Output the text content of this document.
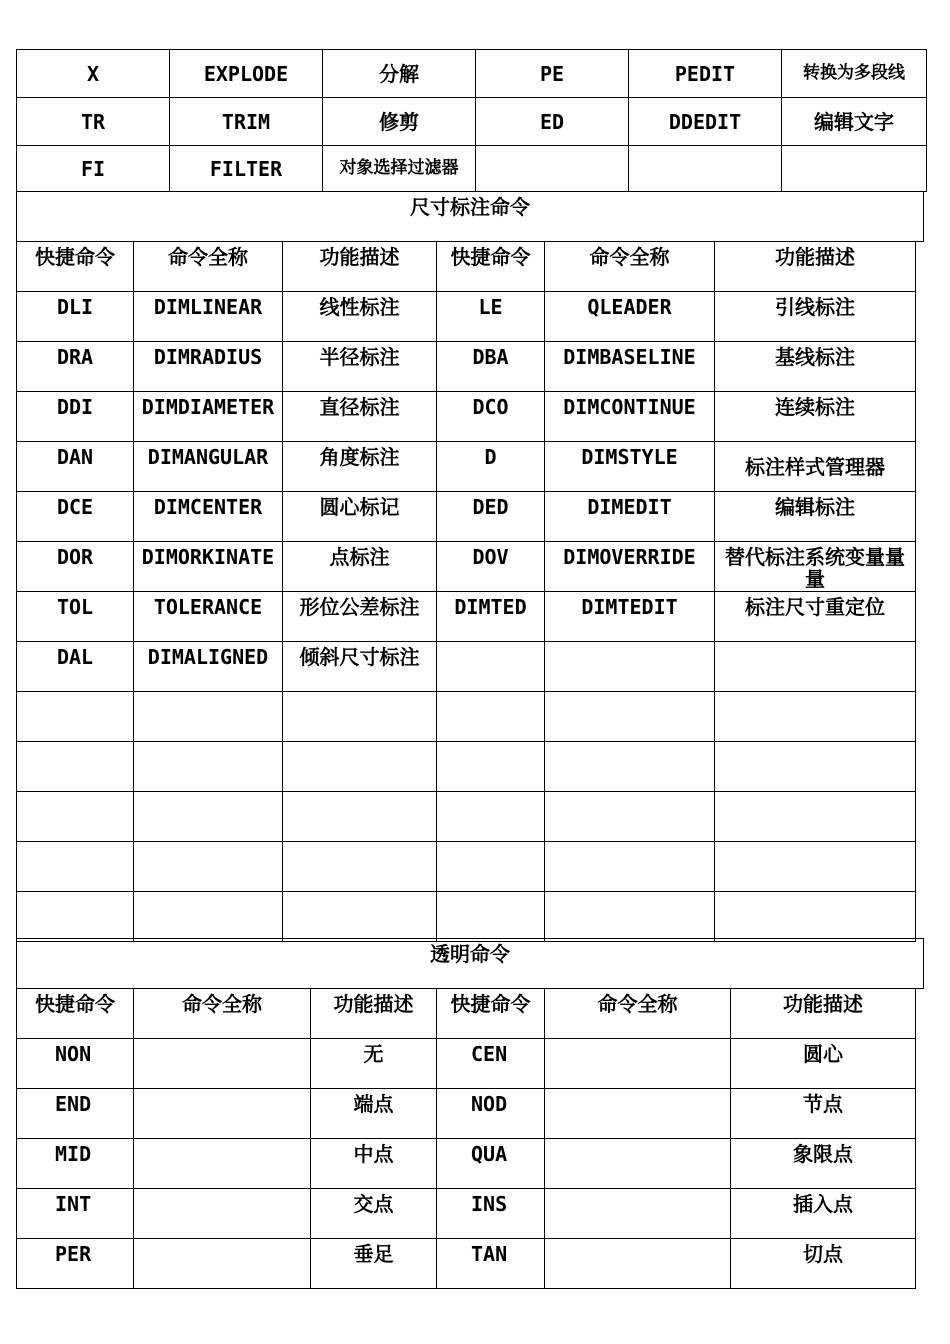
X	EXPLODE	分解	PE	PEDIT	转换为多段线
TR	TRIM	修剪	ED	DDEDIT	编辑文字
FI	FILTER	对象选择过滤器			
尺寸标注命令
快捷命令	命令全称	功能描述	快捷命令	命令全称	功能描述
DLI	DIMLINEAR	线性标注	LE	QLEADER	引线标注
DRA	DIMRADIUS	半径标注	DBA	DIMBASELINE	基线标注
DDI	DIMDIAMETER	直径标注	DCO	DIMCONTINUE	连续标注
DAN	DIMANGULAR	角度标注	D	DIMSTYLE	标注样式管理器
DCE	DIMCENTER	圆心标记	DED	DIMEDIT	编辑标注
DOR	DIMORKINATE	点标注	DOV	DIMOVERRIDE	替代标注系统变量量量
TOL	TOLERANCE	形位公差标注	DIMTED	DIMTEDIT	标注尺寸重定位
DAL	DIMALIGNED	倾斜尺寸标注			

透明命令
快捷命令	命令全称	功能描述	快捷命令	命令全称	功能描述
NON		无	CEN		圆心
END		端点	NOD		节点
MID		中点	QUA		象限点
INT		交点	INS		插入点
PER		垂足	TAN		切点
